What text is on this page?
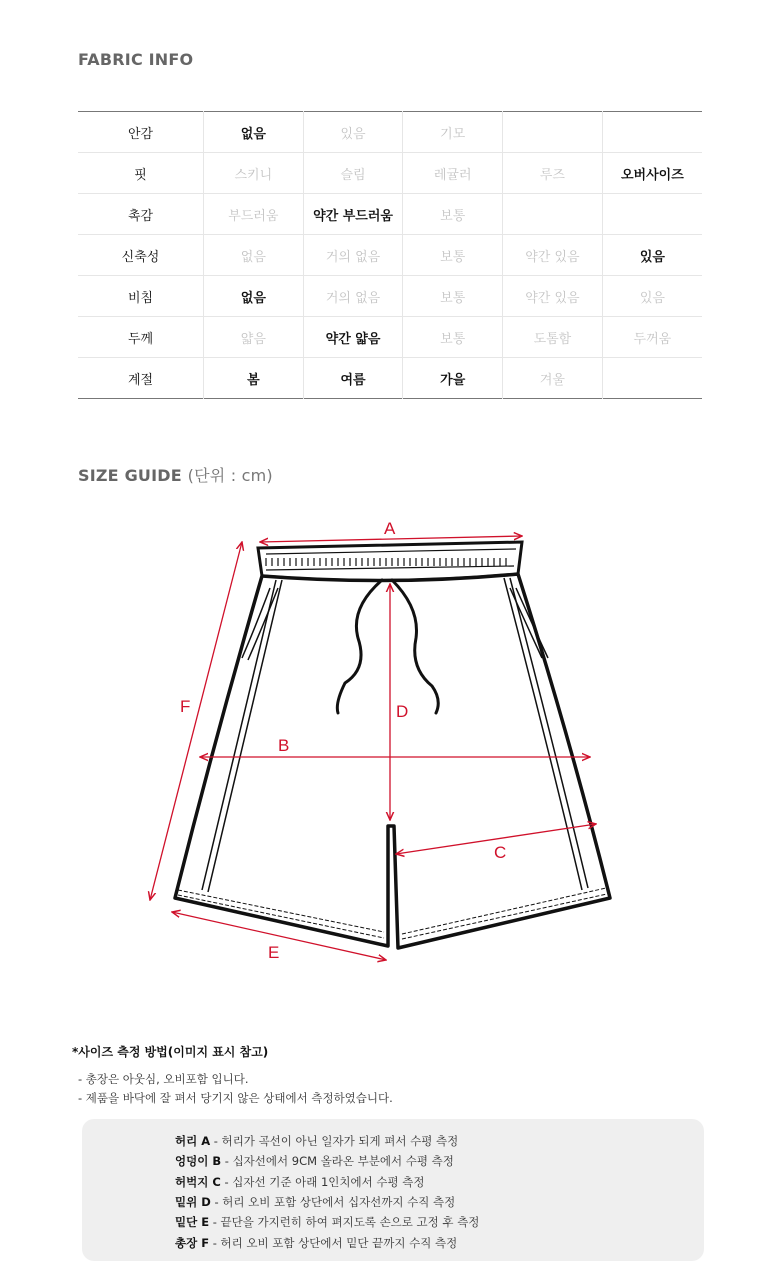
FABRIC INFO
안감	없음	있음	기모		
핏	스키니	슬림	레귤러	루즈	오버사이즈
촉감	부드러움	약간 부드러움	보통		
신축성	없음	거의 없음	보통	약간 있음	있음
비침	없음	거의 없음	보통	약간 있음	있음
두께	얇음	약간 얇음	보통	도톰함	두꺼움
계절	봄	여름	가을	겨울	
SIZE GUIDE (단위 : cm)
A
B
C
D
E
F
*사이즈 측정 방법(이미지 표시 참고)
- 총장은 아웃심, 오비포함 입니다.
- 제품을 바닥에 잘 펴서 당기지 않은 상태에서 측정하였습니다.
허리 A - 허리가 곡선이 아닌 일자가 되게 펴서 수평 측정
엉덩이 B - 십자선에서 9CM 올라온 부분에서 수평 측정
허벅지 C - 십자선 기준 아래 1인치에서 수평 측정
밑위 D - 허리 오비 포함 상단에서 십자선까지 수직 측정
밑단 E - 끝단을 가지런히 하여 펴지도록 손으로 고정 후 측정
총장 F - 허리 오비 포함 상단에서 밑단 끝까지 수직 측정
